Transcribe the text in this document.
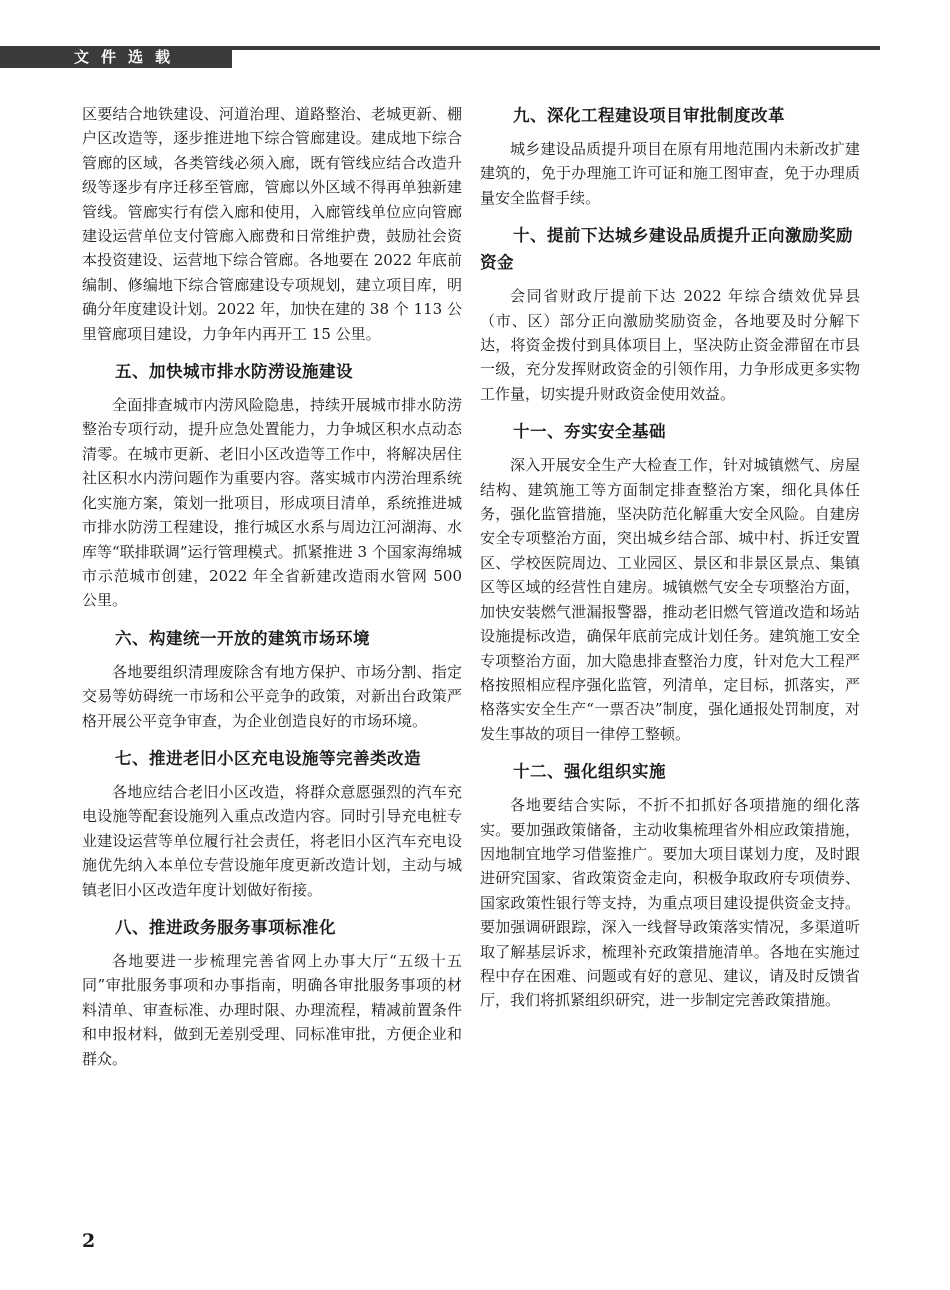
文件选载

区要结合地铁建设、河道治理、道路整治、老城更新、棚户区改造等，逐步推进地下综合管廊建设。建成地下综合管廊的区域，各类管线必须入廊，既有管线应结合改造升级等逐步有序迁移至管廊，管廊以外区域不得再单独新建管线。管廊实行有偿入廊和使用，入廊管线单位应向管廊建设运营单位支付管廊入廊费和日常维护费，鼓励社会资本投资建设、运营地下综合管廊。各地要在 2022 年底前编制、修编地下综合管廊建设专项规划，建立项目库，明确分年度建设计划。2022 年，加快在建的 38 个 113 公里管廊项目建设，力争年内再开工 15 公里。

五、加快城市排水防涝设施建设

全面排查城市内涝风险隐患，持续开展城市排水防涝整治专项行动，提升应急处置能力，力争城区积水点动态清零。在城市更新、老旧小区改造等工作中，将解决居住社区积水内涝问题作为重要内容。落实城市内涝治理系统化实施方案，策划一批项目，形成项目清单，系统推进城市排水防涝工程建设，推行城区水系与周边江河湖海、水库等“联排联调”运行管理模式。抓紧推进 3 个国家海绵城市示范城市创建，2022 年全省新建改造雨水管网 500 公里。

六、构建统一开放的建筑市场环境

各地要组织清理废除含有地方保护、市场分割、指定交易等妨碍统一市场和公平竞争的政策，对新出台政策严格开展公平竞争审查，为企业创造良好的市场环境。

七、推进老旧小区充电设施等完善类改造

各地应结合老旧小区改造，将群众意愿强烈的汽车充电设施等配套设施列入重点改造内容。同时引导充电桩专业建设运营等单位履行社会责任，将老旧小区汽车充电设施优先纳入本单位专营设施年度更新改造计划，主动与城镇老旧小区改造年度计划做好衔接。

八、推进政务服务事项标准化

各地要进一步梳理完善省网上办事大厅“五级十五同”审批服务事项和办事指南，明确各审批服务事项的材料清单、审查标准、办理时限、办理流程，精减前置条件和申报材料，做到无差别受理、同标准审批，方便企业和群众。

九、深化工程建设项目审批制度改革

城乡建设品质提升项目在原有用地范围内未新改扩建建筑的，免于办理施工许可证和施工图审查，免于办理质量安全监督手续。

十、提前下达城乡建设品质提升正向激励奖励资金

会同省财政厅提前下达 2022 年综合绩效优异县（市、区）部分正向激励奖励资金，各地要及时分解下达，将资金拨付到具体项目上，坚决防止资金滞留在市县一级，充分发挥财政资金的引领作用，力争形成更多实物工作量，切实提升财政资金使用效益。

十一、夯实安全基础

深入开展安全生产大检查工作，针对城镇燃气、房屋结构、建筑施工等方面制定排查整治方案，细化具体任务，强化监管措施，坚决防范化解重大安全风险。自建房安全专项整治方面，突出城乡结合部、城中村、拆迁安置区、学校医院周边、工业园区、景区和非景区景点、集镇区等区域的经营性自建房。城镇燃气安全专项整治方面，加快安装燃气泄漏报警器，推动老旧燃气管道改造和场站设施提标改造，确保年底前完成计划任务。建筑施工安全专项整治方面，加大隐患排查整治力度，针对危大工程严格按照相应程序强化监管，列清单，定目标，抓落实，严格落实安全生产“一票否决”制度，强化通报处罚制度，对发生事故的项目一律停工整顿。

十二、强化组织实施

各地要结合实际，不折不扣抓好各项措施的细化落实。要加强政策储备，主动收集梳理省外相应政策措施，因地制宜地学习借鉴推广。要加大项目谋划力度，及时跟进研究国家、省政策资金走向，积极争取政府专项债券、国家政策性银行等支持，为重点项目建设提供资金支持。要加强调研跟踪，深入一线督导政策落实情况，多渠道听取了解基层诉求，梳理补充政策措施清单。各地在实施过程中存在困难、问题或有好的意见、建议，请及时反馈省厅，我们将抓紧组织研究，进一步制定完善政策措施。

2
